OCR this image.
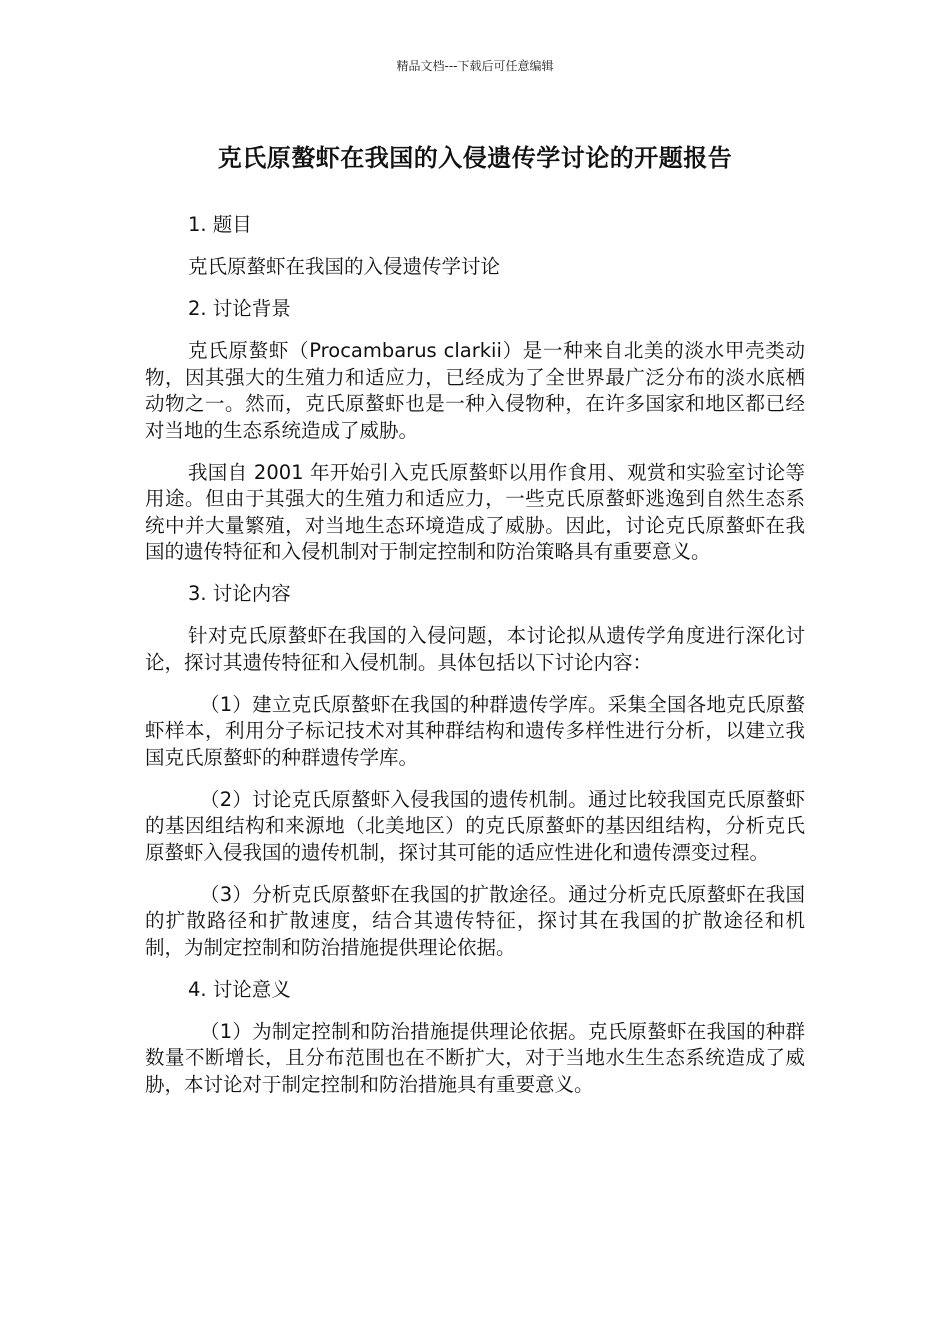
精品文档---下载后可任意编辑
克氏原螯虾在我国的入侵遗传学讨论的开题报告

1. 题目

克氏原螯虾在我国的入侵遗传学讨论

2. 讨论背景

克氏原螯虾（Procambarus clarkii）是一种来自北美的淡水甲壳类动物，因其强大的生殖力和适应力，已经成为了全世界最广泛分布的淡水底栖动物之一。然而，克氏原螯虾也是一种入侵物种，在许多国家和地区都已经对当地的生态系统造成了威胁。

我国自 2001 年开始引入克氏原螯虾以用作食用、观赏和实验室讨论等用途。但由于其强大的生殖力和适应力，一些克氏原螯虾逃逸到自然生态系统中并大量繁殖，对当地生态环境造成了威胁。因此，讨论克氏原螯虾在我国的遗传特征和入侵机制对于制定控制和防治策略具有重要意义。

3. 讨论内容

针对克氏原螯虾在我国的入侵问题，本讨论拟从遗传学角度进行深化讨论，探讨其遗传特征和入侵机制。具体包括以下讨论内容：

（1）建立克氏原螯虾在我国的种群遗传学库。采集全国各地克氏原螯虾样本，利用分子标记技术对其种群结构和遗传多样性进行分析，以建立我国克氏原螯虾的种群遗传学库。

（2）讨论克氏原螯虾入侵我国的遗传机制。通过比较我国克氏原螯虾的基因组结构和来源地（北美地区）的克氏原螯虾的基因组结构，分析克氏原螯虾入侵我国的遗传机制，探讨其可能的适应性进化和遗传漂变过程。

（3）分析克氏原螯虾在我国的扩散途径。通过分析克氏原螯虾在我国的扩散路径和扩散速度，结合其遗传特征，探讨其在我国的扩散途径和机制，为制定控制和防治措施提供理论依据。

4. 讨论意义

（1）为制定控制和防治措施提供理论依据。克氏原螯虾在我国的种群数量不断增长，且分布范围也在不断扩大，对于当地水生生态系统造成了威胁，本讨论对于制定控制和防治措施具有重要意义。
